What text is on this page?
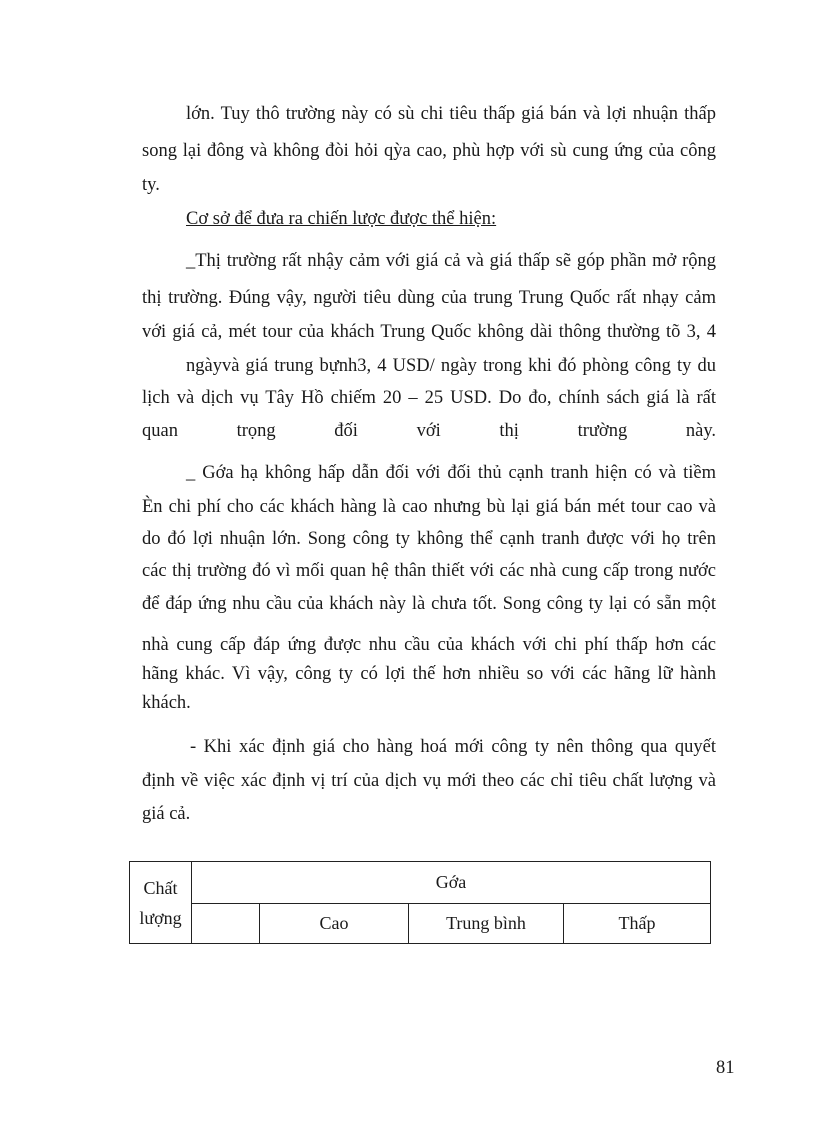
lớn. Tuy thô trường này có sù chi tiêu thấp giá bán và lợi nhuận thấp
song lại đông và không đòi hỏi qỳa cao, phù hợp với sù cung ứng của công
ty.
Cơ sở để đưa ra chiến lược được thể hiện:
_Thị trường rất nhậy cảm với giá cả và giá thấp sẽ góp phần mở rộng
thị trường. Đúng vậy, người tiêu dùng của trung Trung Quốc rất nhạy cảm
với giá cả, mét tour của khách Trung Quốc không dài thông thường tõ 3, 4
ngàyvà giá trung bựnh3, 4 USD/ ngày trong khi đó phòng công ty du
lịch và dịch vụ Tây Hồ chiếm 20 – 25 USD. Do đo, chính sách giá là rất
quan trọng đối với thị trường này.
_ Gớa hạ không hấp dẫn đối với đối thủ cạnh tranh hiện có và tiềm
Èn chi phí cho các khách hàng là cao nhưng bù lại giá bán mét tour cao và
do đó lợi nhuận lớn. Song công ty không thể cạnh tranh được với họ trên
các thị trường đó vì mối quan hệ thân thiết với các nhà cung cấp trong nước
để đáp ứng nhu cầu của khách này là chưa tốt. Song công ty lại có sẵn một
nhà cung cấp đáp ứng được nhu cầu của khách với chi phí thấp hơn các
hãng khác. Vì vậy, công ty có lợi thế hơn nhiều so với các hãng lữ hành
khách.
- Khi xác định giá cho hàng hoá mới công ty nên thông qua quyết
định về việc xác định vị trí của dịch vụ mới theo các chỉ tiêu chất lượng và
giá cả.
Chất
lượng	Gớa			
		Cao	Trung bình	Thấp
81
